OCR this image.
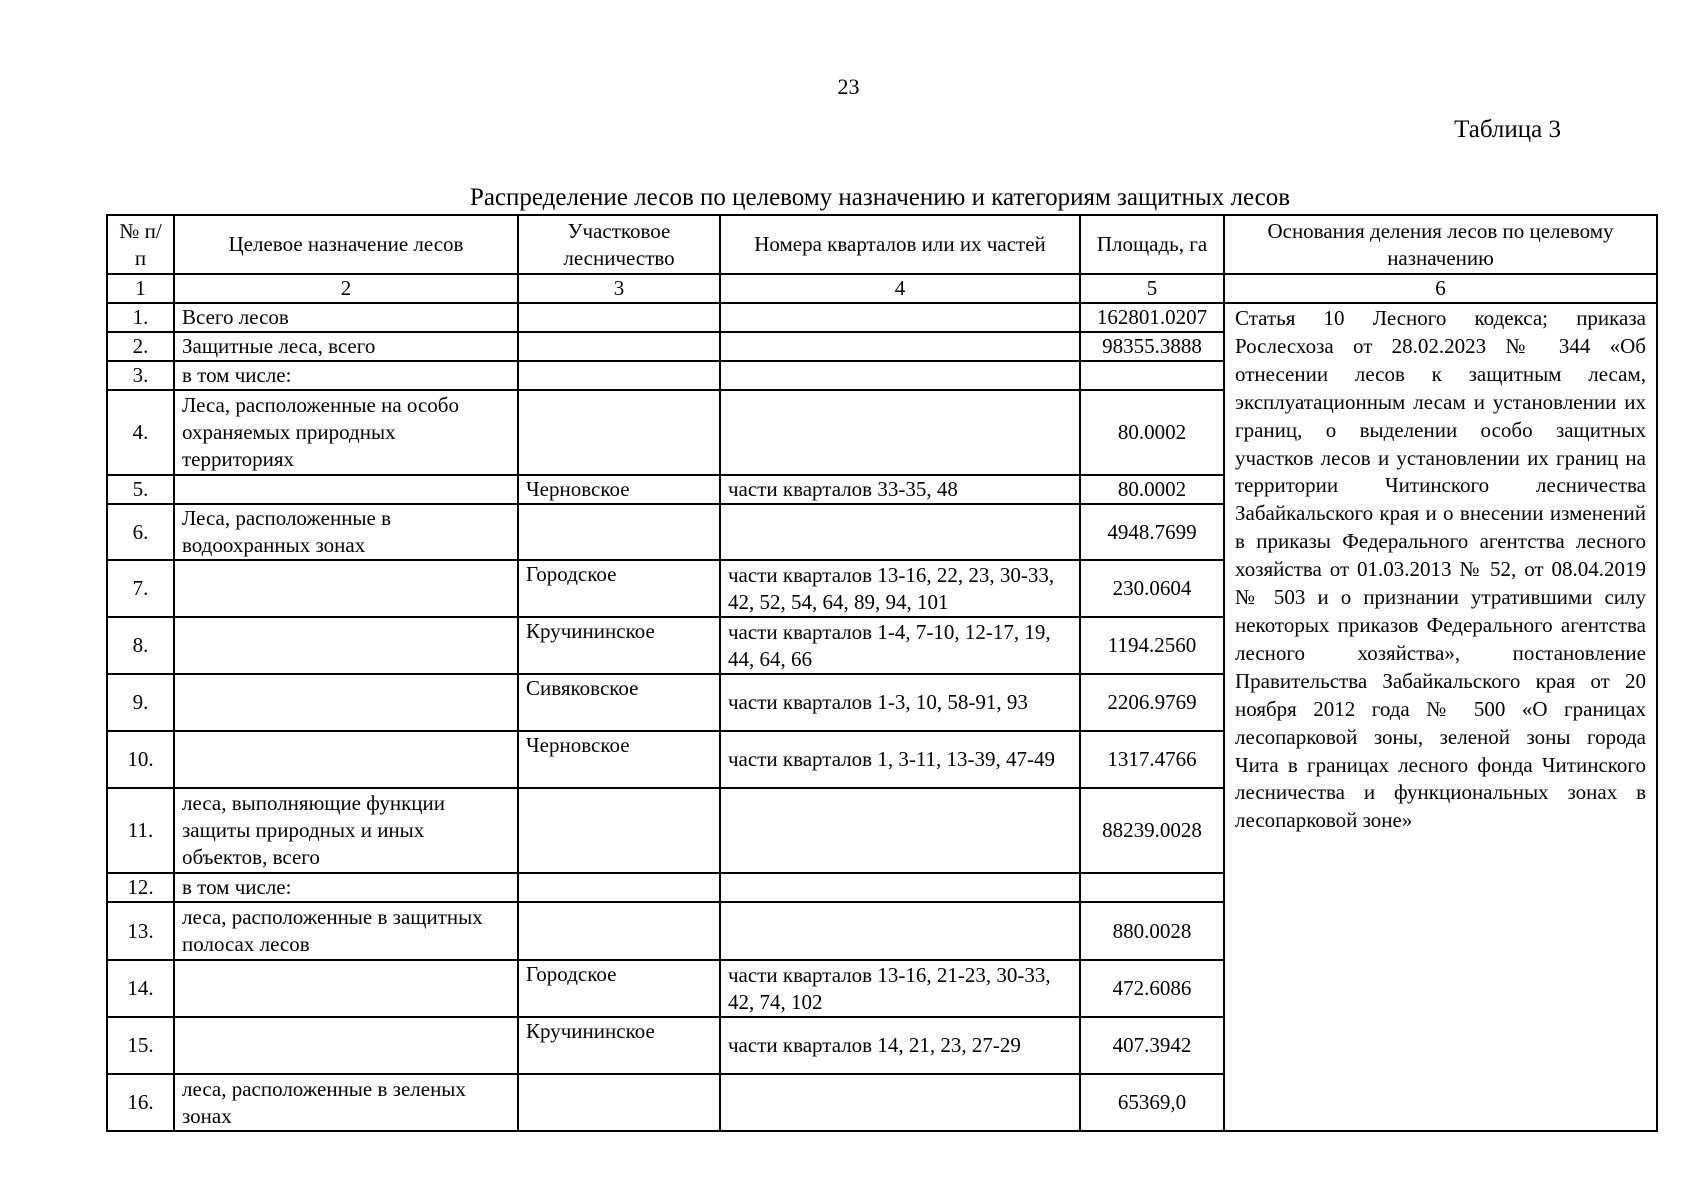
23
Таблица 3
Распределение лесов по целевому назначению и категориям защитных лесов
№ п/п	Целевое назначение лесов	Участковое лесничество	Номера кварталов или их частей	Площадь, га	Основания деления лесов по целевому назначению
1	2	3	4	5	6
1.	Всего лесов			162801.0207	Статья 10 Лесного кодекса; приказа Рослесхоза от 28.02.2023 № 344 «Об отнесении лесов к защитным лесам, эксплуатационным лесам и установлении их границ, о выделении особо защитных участков лесов и установлении их границ на территории Читинского лесничества Забайкальского края и о внесении изменений в приказы Федерального агентства лесного хозяйства от 01.03.2013 № 52, от 08.04.2019 № 503 и о признании утратившими силу некоторых приказов Федерального агентства лесного хозяйства», постановление Правительства Забайкальского края от 20 ноября 2012 года № 500 «О границах лесопарковой зоны, зеленой зоны города Чита в границах лесного фонда Читинского лесничества и функциональных зонах в лесопарковой зоне»
2.	Защитные леса, всего			98355.3888	
3.	в том числе:				
4.	Леса, расположенные на особо охраняемых природных территориях			80.0002	
5.		Черновское	части кварталов 33-35, 48	80.0002	
6.	Леса, расположенные в водоохранных зонах			4948.7699	
7.		Городское	части кварталов 13-16, 22, 23, 30-33, 42, 52, 54, 64, 89, 94, 101	230.0604	
8.		Кручининское	части кварталов 1-4, 7-10, 12-17, 19, 44, 64, 66	1194.2560	
9.		Сивяковское	части кварталов 1-3, 10, 58-91, 93	2206.9769	
10.		Черновское	части кварталов 1, 3-11, 13-39, 47-49	1317.4766	
11.	леса, выполняющие функции защиты природных и иных объектов, всего			88239.0028	
12.	в том числе:				
13.	леса, расположенные в защитных полосах лесов			880.0028	
14.		Городское	части кварталов 13-16, 21-23, 30-33, 42, 74, 102	472.6086	
15.		Кручининское	части кварталов 14, 21, 23, 27-29	407.3942	
16.	леса, расположенные в зеленых зонах			65369,0	
